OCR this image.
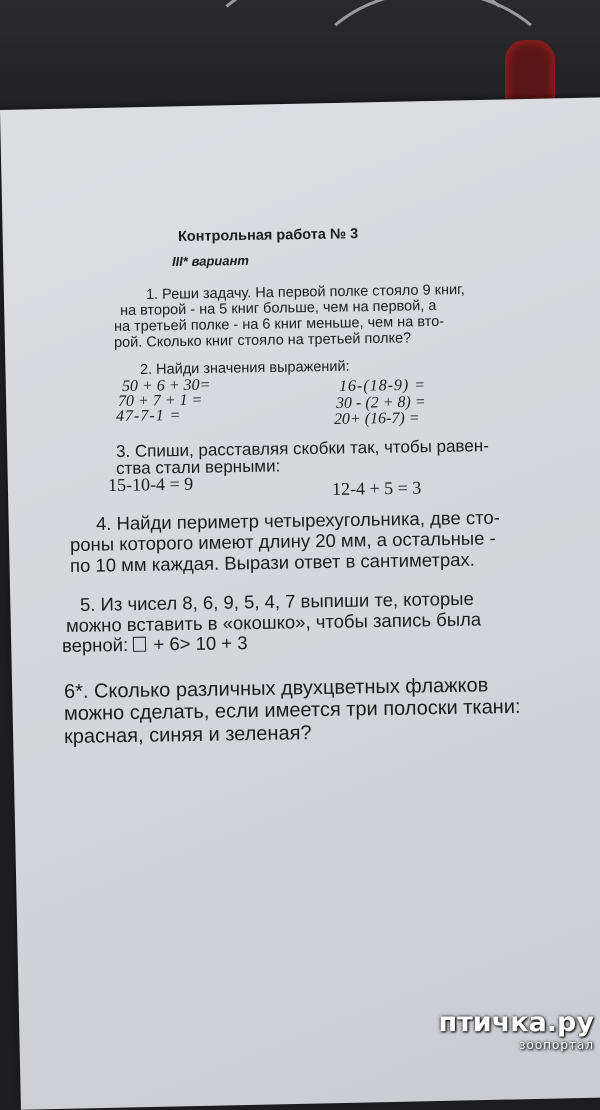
Контрольная работа № 3
III* вариант
1. Реши задачу. На первой полке стояло 9 книг,
на второй - на 5 книг больше, чем на первой, а
на третьей полке - на 6 книг меньше, чем на вто-
рой. Сколько книг стояло на третьей полке?
2. Найди значения выражений:
50 + 6 + 30=
70 + 7 + 1 =
47-7-1 =
16-(18-9) =
30 - (2 + 8) =
20+ (16-7) =
3. Спиши, расставляя скобки так, чтобы равен-
ства стали верными:
15-10-4 = 9	12-4 + 5 = 3
4. Найди периметр четырехугольника, две сто-
роны которого имеют длину 20 мм, а остальные -
по 10 мм каждая. Вырази ответ в сантиметрах.
5. Из чисел 8, 6, 9, 5, 4, 7 выпиши те, которые
можно вставить в «окошко», чтобы запись была
верной: + 6> 10 + 3
6*. Сколько различных двухцветных флажков
можно сделать, если имеется три полоски ткани:
красная, синяя и зеленая?
птичка.ру
зоопортал
